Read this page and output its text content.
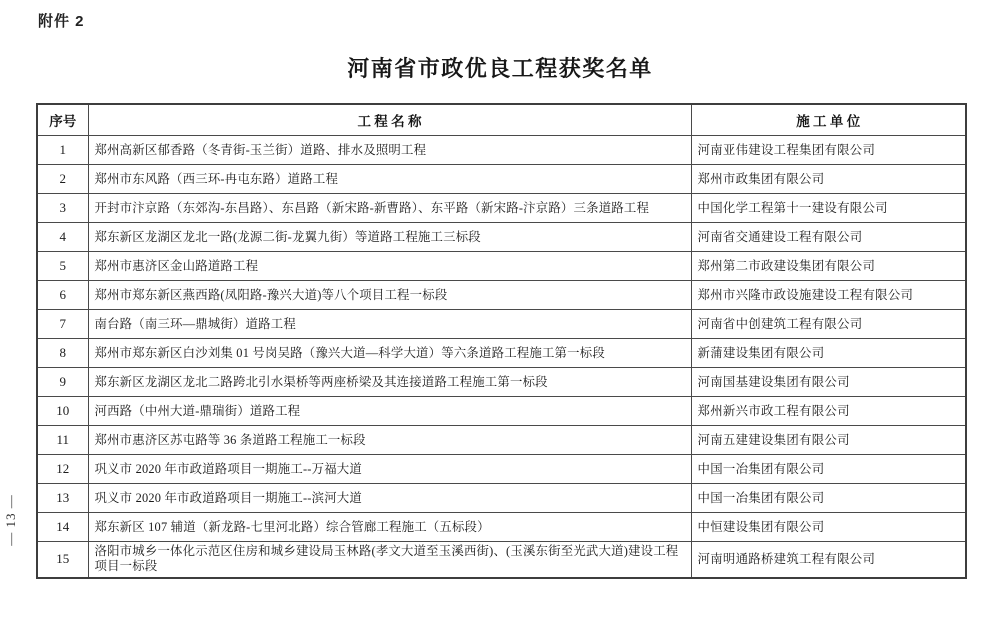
附件 2
河南省市政优良工程获奖名单
— 13 —
序号	工 程 名 称	施 工 单 位
1	郑州高新区郁香路（冬青街-玉兰街）道路、排水及照明工程	河南亚伟建设工程集团有限公司
2	郑州市东风路（西三环-冉屯东路）道路工程	郑州市政集团有限公司
3	开封市汴京路（东郊沟-东昌路）、东昌路（新宋路-新曹路）、东平路（新宋路-汴京路）三条道路工程	中国化学工程第十一建设有限公司
4	郑东新区龙湖区龙北一路(龙源二街-龙翼九街）等道路工程施工三标段	河南省交通建设工程有限公司
5	郑州市惠济区金山路道路工程	郑州第二市政建设集团有限公司
6	郑州市郑东新区燕西路(凤阳路-豫兴大道)等八个项目工程一标段	郑州市兴隆市政设施建设工程有限公司
7	南台路（南三环—鼎城街）道路工程	河南省中创建筑工程有限公司
8	郑州市郑东新区白沙刘集 01 号岗吴路（豫兴大道—科学大道）等六条道路工程施工第一标段	新蒲建设集团有限公司
9	郑东新区龙湖区龙北二路跨北引水渠桥等两座桥梁及其连接道路工程施工第一标段	河南国基建设集团有限公司
10	河西路（中州大道-鼎瑞街）道路工程	郑州新兴市政工程有限公司
11	郑州市惠济区苏屯路等 36 条道路工程施工一标段	河南五建建设集团有限公司
12	巩义市 2020 年市政道路项目一期施工--万福大道	中国一冶集团有限公司
13	巩义市 2020 年市政道路项目一期施工--滨河大道	中国一冶集团有限公司
14	郑东新区 107 辅道（新龙路-七里河北路）综合管廊工程施工（五标段）	中恒建设集团有限公司
15	洛阳市城乡一体化示范区住房和城乡建设局玉林路(孝文大道至玉溪西街)、(玉溪东街至光武大道)建设工程项目一标段	河南明通路桥建筑工程有限公司
